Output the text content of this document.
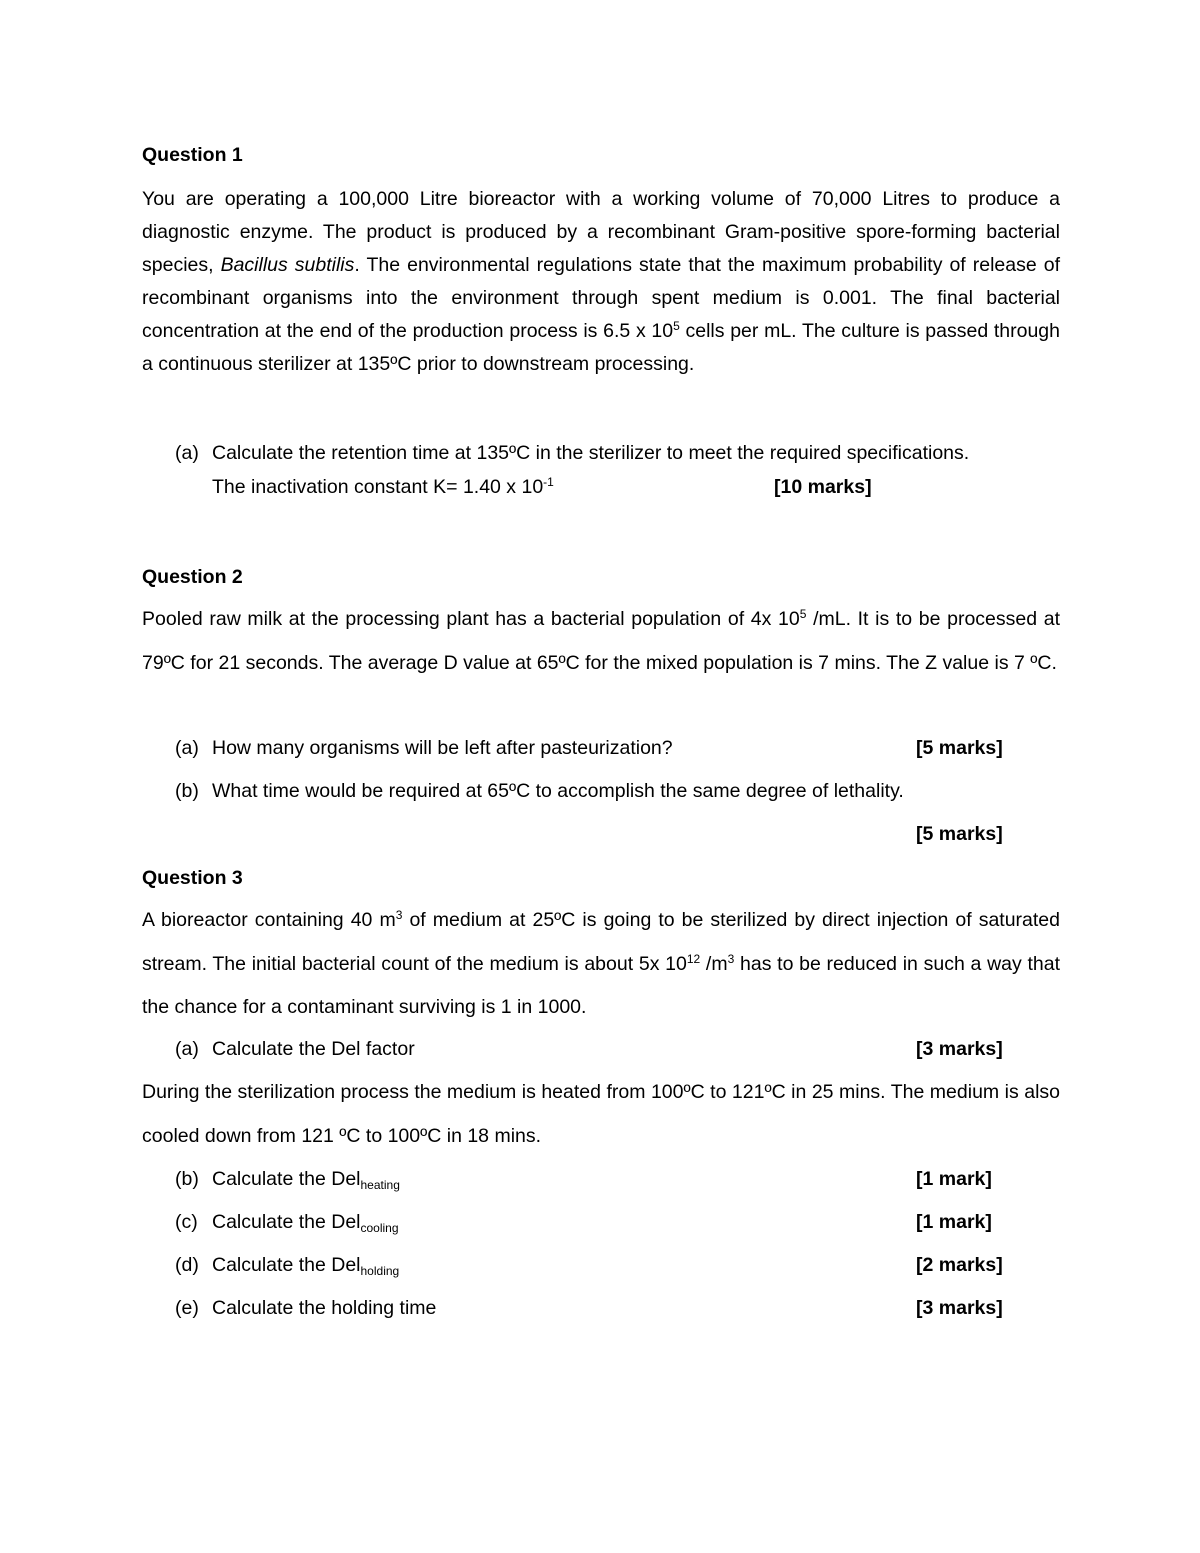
Question 1
You are operating a 100,000 Litre bioreactor with a working volume of 70,000 Litres to produce a diagnostic enzyme. The product is produced by a recombinant Gram-positive spore-forming bacterial species, Bacillus subtilis. The environmental regulations state that the maximum probability of release of recombinant organisms into the environment through spent medium is 0.001. The final bacterial concentration at the end of the production process is 6.5 x $10^5$ cells per mL. The culture is passed through a continuous sterilizer at 135ºC prior to downstream processing.
(a) Calculate the retention time at 135ºC in the sterilizer to meet the required specifications.
The inactivation constant K= 1.40 x $10^{-1}$	[10 marks]
Question 2
Pooled raw milk at the processing plant has a bacterial population of 4x $10^5$ /mL. It is to be processed at 79ºC for 21 seconds. The average D value at 65ºC for the mixed population is 7 mins. The Z value is 7 ºC.
(a) How many organisms will be left after pasteurization?	[5 marks]
(b) What time would be required at 65ºC to accomplish the same degree of lethality.
[5 marks]
Question 3
A bioreactor containing 40 $m^3$ of medium at 25ºC is going to be sterilized by direct injection of saturated stream. The initial bacterial count of the medium is about 5x $10^{12}$ $/m^3$ has to be reduced in such a way that the chance for a contaminant surviving is 1 in 1000.
(a) Calculate the Del factor	[3 marks]
During the sterilization process the medium is heated from 100ºC to 121ºC in 25 mins. The medium is also cooled down from 121 ºC to 100ºC in 18 mins.
(b) Calculate the Del$_{heating}$	[1 mark]
(c) Calculate the Del$_{cooling}$	[1 mark]
(d) Calculate the Del$_{holding}$	[2 marks]
(e) Calculate the holding time	[3 marks]
